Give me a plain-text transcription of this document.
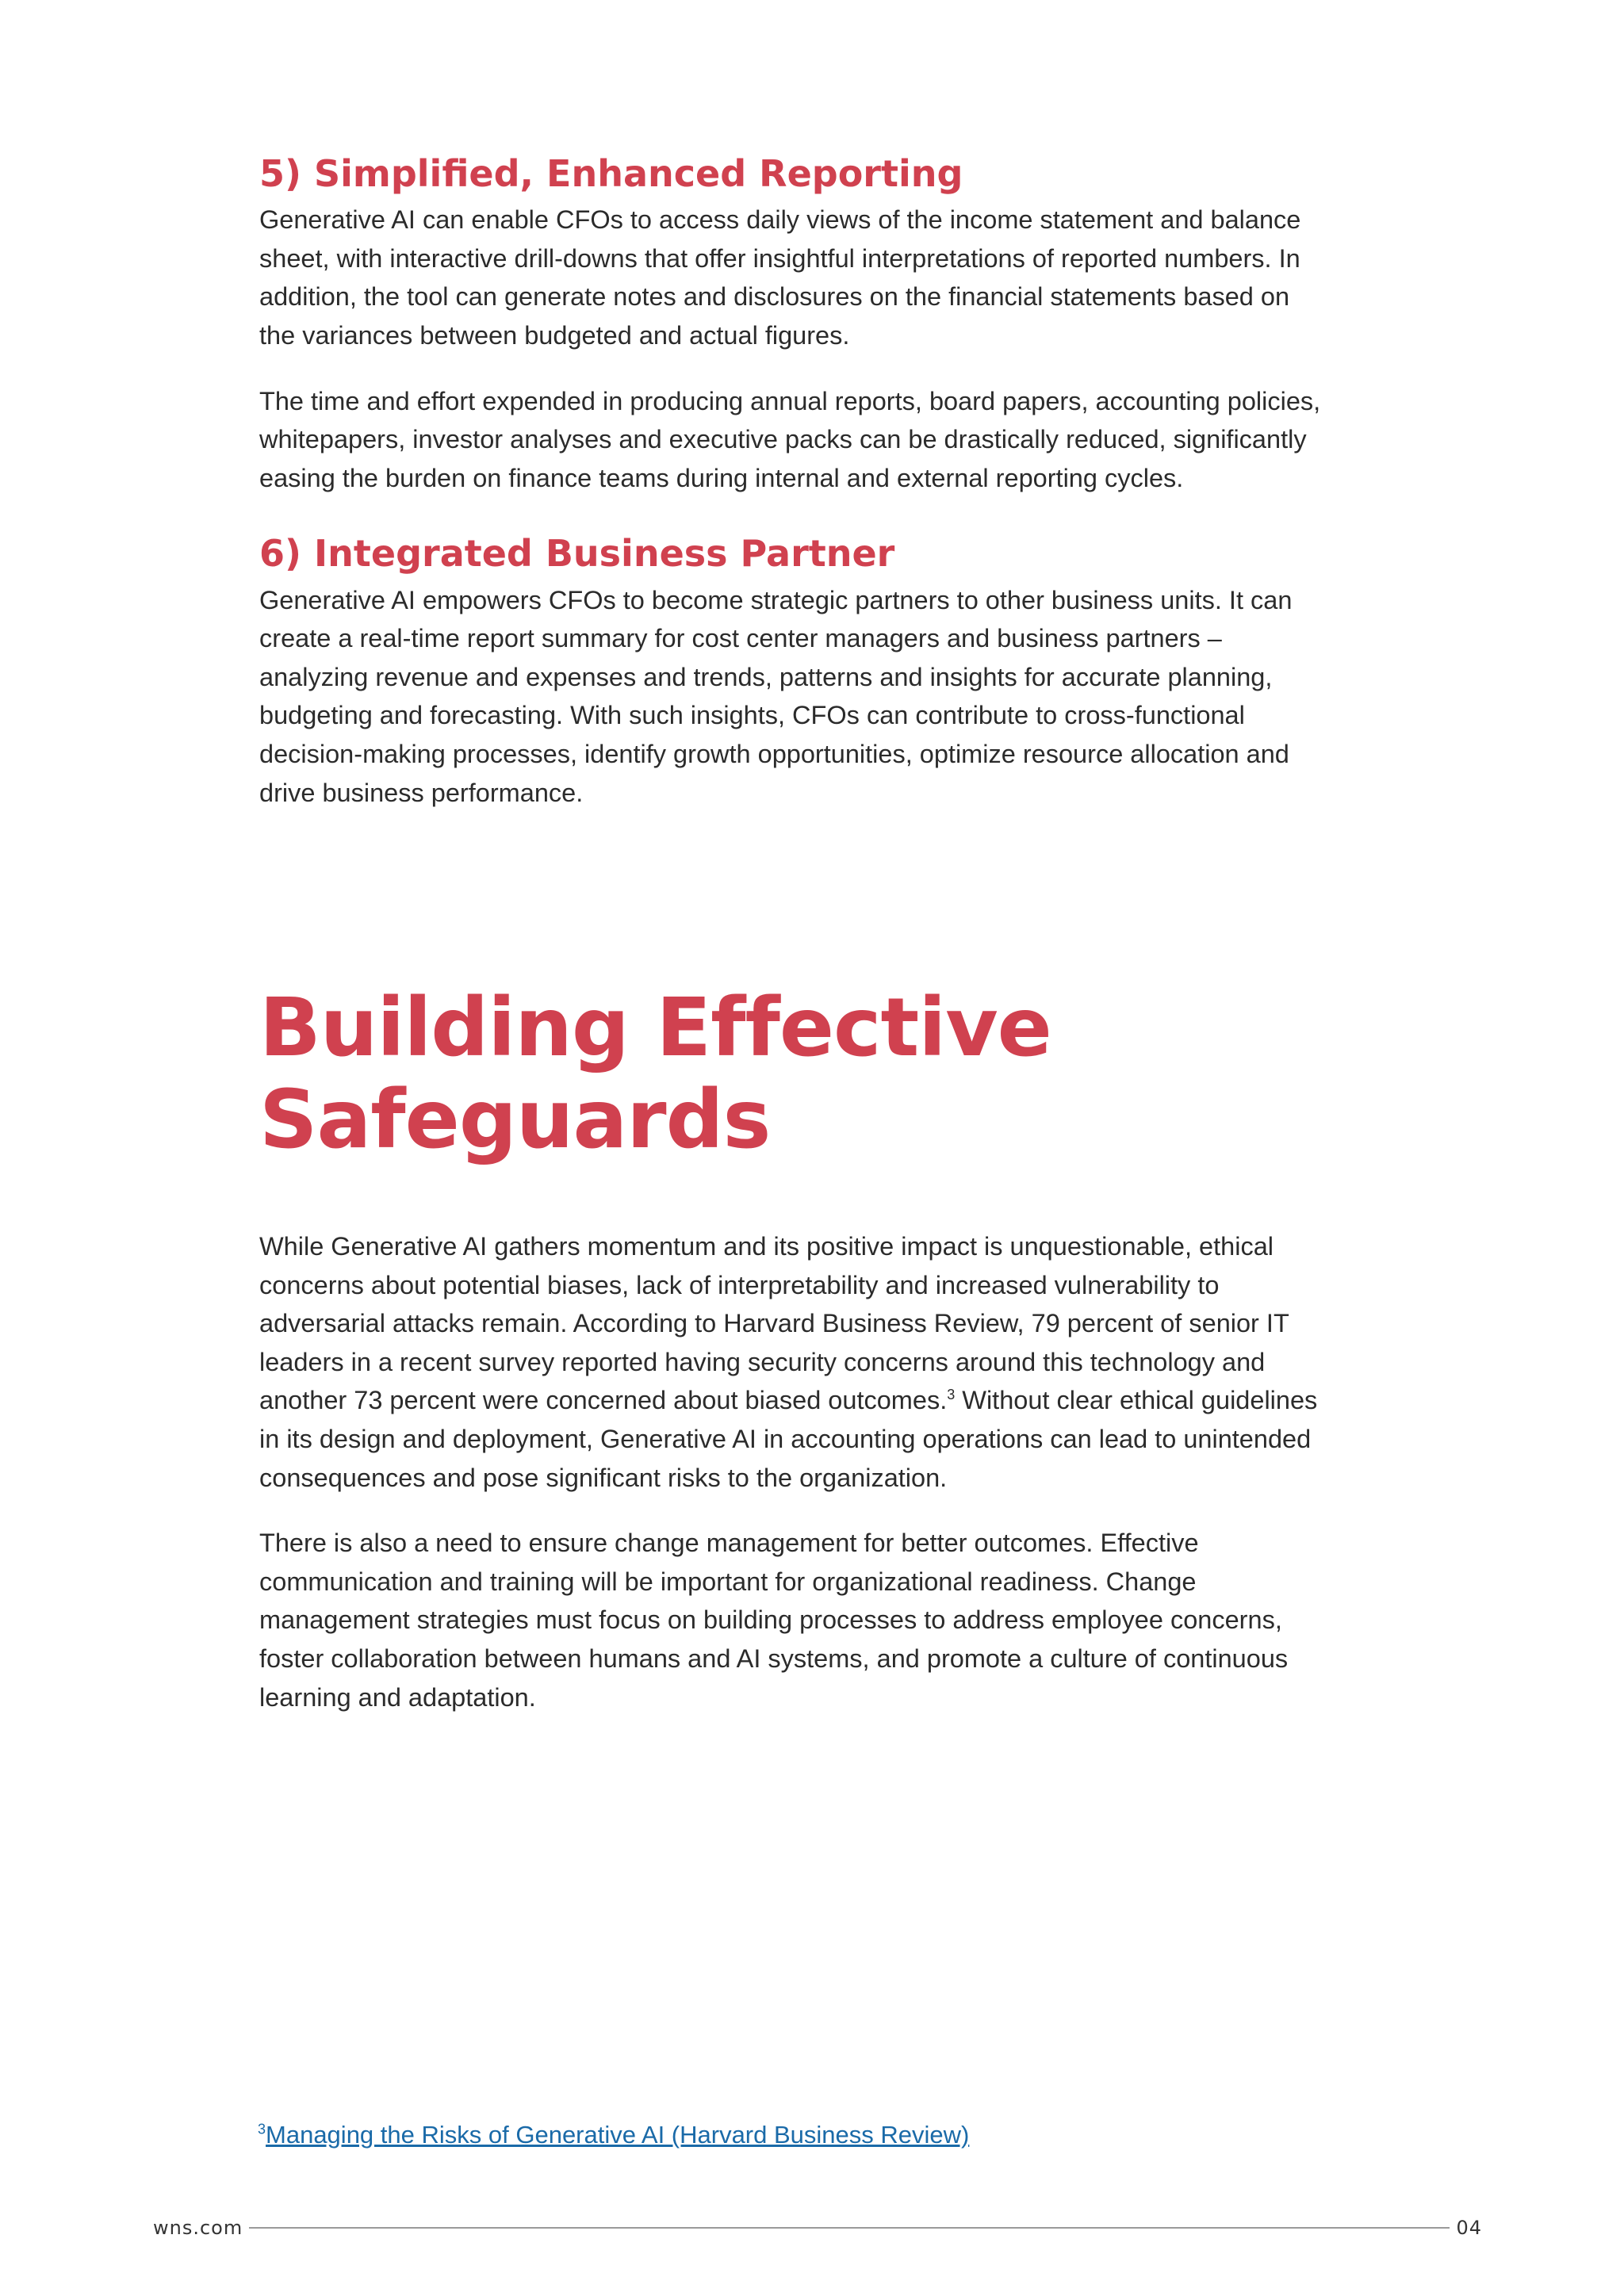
5) Simplified, Enhanced Reporting

Generative AI can enable CFOs to access daily views of the income statement and balance sheet, with interactive drill-downs that offer insightful interpretations of reported numbers. In addition, the tool can generate notes and disclosures on the financial statements based on the variances between budgeted and actual figures.

The time and effort expended in producing annual reports, board papers, accounting policies, whitepapers, investor analyses and executive packs can be drastically reduced, significantly easing the burden on finance teams during internal and external reporting cycles.

6) Integrated Business Partner

Generative AI empowers CFOs to become strategic partners to other business units. It can create a real-time report summary for cost center managers and business partners – analyzing revenue and expenses and trends, patterns and insights for accurate planning, budgeting and forecasting. With such insights, CFOs can contribute to cross-functional decision-making processes, identify growth opportunities, optimize resource allocation and drive business performance.

Building Effective
Safeguards

While Generative AI gathers momentum and its positive impact is unquestionable, ethical concerns about potential biases, lack of interpretability and increased vulnerability to adversarial attacks remain. According to Harvard Business Review, 79 percent of senior IT leaders in a recent survey reported having security concerns around this technology and another 73 percent were concerned about biased outcomes.$^3$ Without clear ethical guidelines in its design and deployment, Generative AI in accounting operations can lead to unintended consequences and pose significant risks to the organization.

There is also a need to ensure change management for better outcomes. Effective communication and training will be important for organizational readiness. Change management strategies must focus on building processes to address employee concerns, foster collaboration between humans and AI systems, and promote a culture of continuous learning and adaptation.

$^3$Managing the Risks of Generative AI (Harvard Business Review)
wns.com	04
